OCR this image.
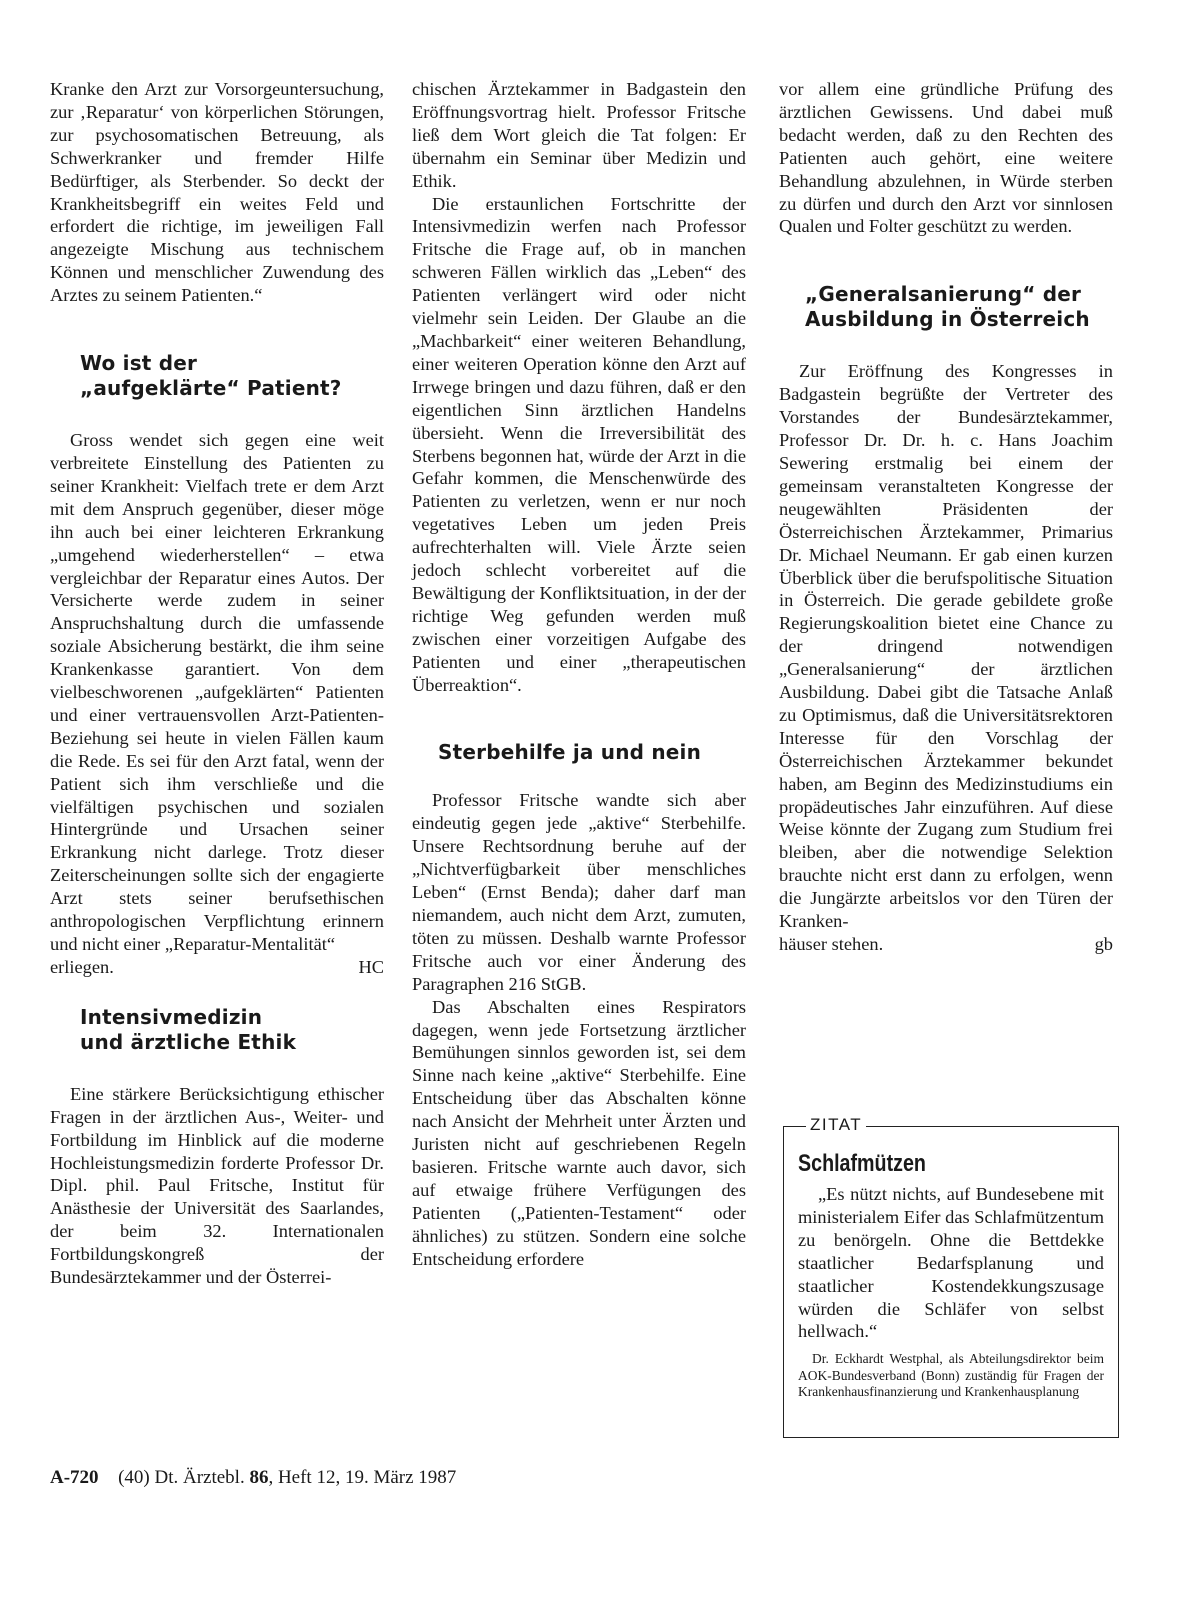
Kranke den Arzt zur Vorsorgeuntersuchung, zur ‚Reparatur‘ von körperlichen Störungen, zur psychosomatischen Betreuung, als Schwerkranker und fremder Hilfe Bedürftiger, als Sterbender. So deckt der Krankheitsbegriff ein weites Feld und erfordert die richtige, im jeweiligen Fall angezeigte Mischung aus technischem Können und menschlicher Zuwendung des Arztes zu seinem Patienten.“

Wo ist der
„aufgeklärte“ Patient?

Gross wendet sich gegen eine weit verbreitete Einstellung des Patienten zu seiner Krankheit: Vielfach trete er dem Arzt mit dem Anspruch gegenüber, dieser möge ihn auch bei einer leichteren Erkrankung „umgehend wiederherstellen“ – etwa vergleichbar der Reparatur eines Autos. Der Versicherte werde zudem in seiner Anspruchshaltung durch die umfassende soziale Absicherung bestärkt, die ihm seine Krankenkasse garantiert. Von dem vielbeschworenen „aufgeklärten“ Patienten und einer vertrauensvollen Arzt-Patienten-Beziehung sei heute in vielen Fällen kaum die Rede. Es sei für den Arzt fatal, wenn der Patient sich ihm verschließe und die vielfältigen psychischen und sozialen Hintergründe und Ursachen seiner Erkrankung nicht darlege. Trotz dieser Zeiterscheinungen sollte sich der engagierte Arzt stets seiner berufsethischen anthropologischen Verpflichtung erinnern und nicht einer „Reparatur-Mentalität“

erliegen.	HC
Intensivmedizin
und ärztliche Ethik

Eine stärkere Berücksichtigung ethischer Fragen in der ärztlichen Aus-, Weiter- und Fortbildung im Hinblick auf die moderne Hochleistungsmedizin forderte Professor Dr. Dipl. phil. Paul Fritsche, Institut für Anästhesie der Universität des Saarlandes, der beim 32. Internationalen Fortbildungskongreß der Bundesärztekammer und der Österrei-

chischen Ärztekammer in Badgastein den Eröffnungsvortrag hielt. Professor Fritsche ließ dem Wort gleich die Tat folgen: Er übernahm ein Seminar über Medizin und Ethik.

Die erstaunlichen Fortschritte der Intensivmedizin werfen nach Professor Fritsche die Frage auf, ob in manchen schweren Fällen wirklich das „Leben“ des Patienten verlängert wird oder nicht vielmehr sein Leiden. Der Glaube an die „Machbarkeit“ einer weiteren Behandlung, einer weiteren Operation könne den Arzt auf Irrwege bringen und dazu führen, daß er den eigentlichen Sinn ärztlichen Handelns übersieht. Wenn die Irreversibilität des Sterbens begonnen hat, würde der Arzt in die Gefahr kommen, die Menschenwürde des Patienten zu verletzen, wenn er nur noch vegetatives Leben um jeden Preis aufrechterhalten will. Viele Ärzte seien jedoch schlecht vorbereitet auf die Bewältigung der Konfliktsituation, in der der richtige Weg gefunden werden muß zwischen einer vorzeitigen Aufgabe des Patienten und einer „therapeutischen Überreaktion“.

Sterbehilfe ja und nein

Professor Fritsche wandte sich aber eindeutig gegen jede „aktive“ Sterbehilfe. Unsere Rechtsordnung beruhe auf der „Nichtverfügbarkeit über menschliches Leben“ (Ernst Benda); daher darf man niemandem, auch nicht dem Arzt, zumuten, töten zu müssen. Deshalb warnte Professor Fritsche auch vor einer Änderung des Paragraphen 216 StGB.

Das Abschalten eines Respirators dagegen, wenn jede Fortsetzung ärztlicher Bemühungen sinnlos geworden ist, sei dem Sinne nach keine „aktive“ Sterbehilfe. Eine Entscheidung über das Abschalten könne nach Ansicht der Mehrheit unter Ärzten und Juristen nicht auf geschriebenen Regeln basieren. Fritsche warnte auch davor, sich auf etwaige frühere Verfügungen des Patienten („Patienten-Testament“ oder ähnliches) zu stützen. Sondern eine solche Entscheidung erfordere

vor allem eine gründliche Prüfung des ärztlichen Gewissens. Und dabei muß bedacht werden, daß zu den Rechten des Patienten auch gehört, eine weitere Behandlung abzulehnen, in Würde sterben zu dürfen und durch den Arzt vor sinnlosen Qualen und Folter geschützt zu werden.

„Generalsanierung“ der
Ausbildung in Österreich

Zur Eröffnung des Kongresses in Badgastein begrüßte der Vertreter des Vorstandes der Bundesärztekammer, Professor Dr. Dr. h. c. Hans Joachim Sewering erstmalig bei einem der gemeinsam veranstalteten Kongresse der neugewählten Präsidenten der Österreichischen Ärztekammer, Primarius Dr. Michael Neumann. Er gab einen kurzen Überblick über die berufspolitische Situation in Österreich. Die gerade gebildete große Regierungskoalition bietet eine Chance zu der dringend notwendigen „Generalsanierung“ der ärztlichen Ausbildung. Dabei gibt die Tatsache Anlaß zu Optimismus, daß die Universitätsrektoren Interesse für den Vorschlag der Österreichischen Ärztekammer bekundet haben, am Beginn des Medizinstudiums ein propädeutisches Jahr einzuführen. Auf diese Weise könnte der Zugang zum Studium frei bleiben, aber die notwendige Selektion brauchte nicht erst dann zu erfolgen, wenn die Jungärzte arbeitslos vor den Türen der Kranken-

häuser stehen.	gb
ZITAT
Schlafmützen

„Es nützt nichts, auf Bundesebene mit ministerialem Eifer das Schlafmützentum zu benörgeln. Ohne die Bettdekke staatlicher Bedarfsplanung und staatlicher Kostendekkungszusage würden die Schläfer von selbst hellwach.“

Dr. Eckhardt Westphal, als Abteilungsdirektor beim AOK-Bundesverband (Bonn) zuständig für Fragen der Krankenhausfinanzierung und Krankenhausplanung

A-720 (40) Dt. Ärztebl. 86, Heft 12, 19. März 1987
